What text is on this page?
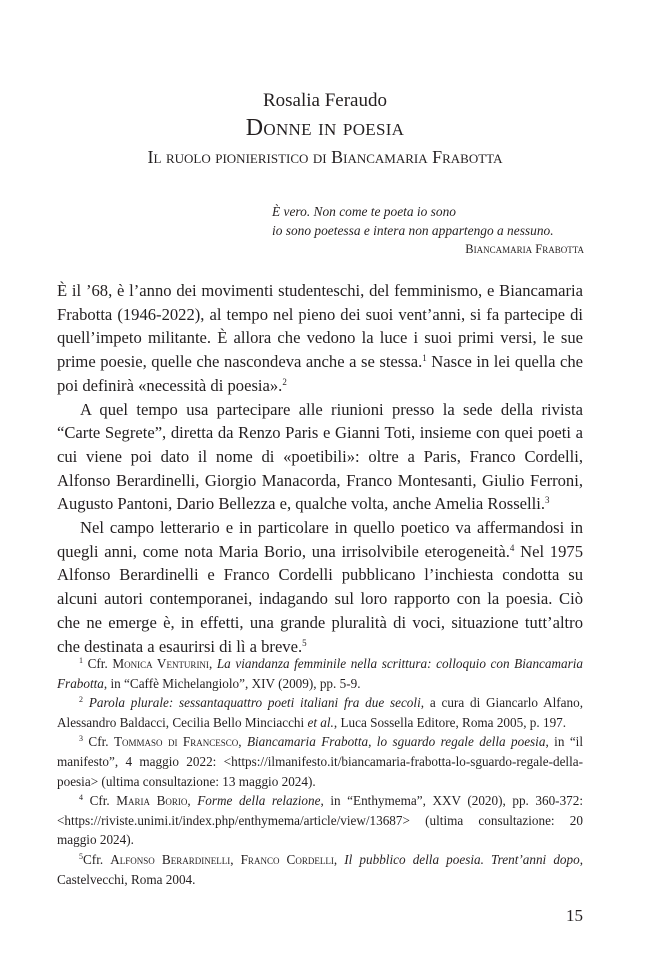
Rosalia Feraudo
Donne in poesia
Il ruolo pionieristico di Biancamaria Frabotta
È vero. Non come te poeta io sono
io sono poetessa e intera non appartengo a nessuno.
Biancamaria Frabotta

È il ’68, è l’anno dei movimenti studenteschi, del femminismo, e Biancamaria Frabotta (1946-2022), al tempo nel pieno dei suoi vent’anni, si fa partecipe di quell’impeto militante. È allora che vedono la luce i suoi primi versi, le sue prime poesie, quelle che nascondeva anche a se stessa.$^1$ Nasce in lei quella che poi definirà «necessità di poesia».$^2$

A quel tempo usa partecipare alle riunioni presso la sede della rivista “Carte Segrete”, diretta da Renzo Paris e Gianni Toti, insieme con quei poeti a cui viene poi dato il nome di «poetibili»: oltre a Paris, Franco Cordelli, Alfonso Berardinelli, Giorgio Manacorda, Franco Montesanti, Giulio Ferroni, Augusto Pantoni, Dario Bellezza e, qualche volta, anche Amelia Rosselli.$^3$

Nel campo letterario e in particolare in quello poetico va affermandosi in quegli anni, come nota Maria Borio, una irrisolvibile eterogeneità.$^4$ Nel 1975 Alfonso Berardinelli e Franco Cordelli pubblicano l’inchiesta condotta su alcuni autori contemporanei, indagando sul loro rapporto con la poesia. Ciò che ne emerge è, in effetti, una grande pluralità di voci, situazione tutt’altro che destinata a esaurirsi di lì a breve.$^5$

$^1$ Cfr. Monica Venturini, La viandanza femminile nella scrittura: colloquio con Biancamaria Frabotta, in “Caffè Michelangiolo”, XIV (2009), pp. 5-9.

$^2$ Parola plurale: sessantaquattro poeti italiani fra due secoli, a cura di Giancarlo Alfano, Alessandro Baldacci, Cecilia Bello Minciacchi et al., Luca Sossella Editore, Roma 2005, p. 197.

$^3$ Cfr. Tommaso di Francesco, Biancamaria Frabotta, lo sguardo regale della poesia, in “il manifesto”, 4 maggio 2022: <https://ilmanifesto.it/biancamaria-frabotta-lo-sguardo-regale-della-poesia> (ultima consultazione: 13 maggio 2024).

$^4$ Cfr. Maria Borio, Forme della relazione, in “Enthymema”, XXV (2020), pp. 360-372: <https://riviste.unimi.it/index.php/enthymema/article/view/13687> (ultima consultazione: 20 maggio 2024).

$^5$Cfr. Alfonso Berardinelli, Franco Cordelli, Il pubblico della poesia. Trent’anni dopo, Castelvecchi, Roma 2004.

15
